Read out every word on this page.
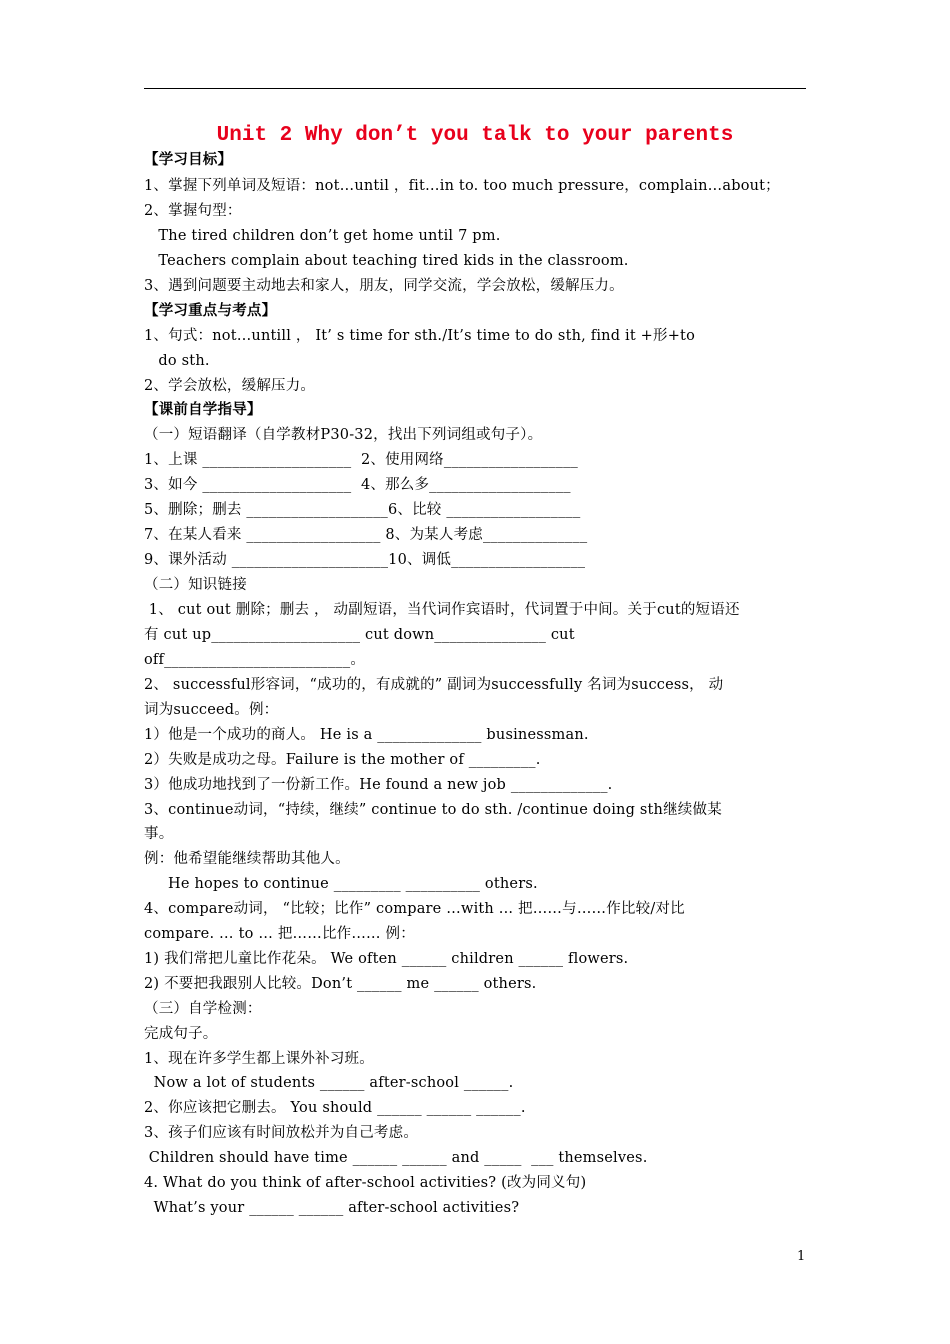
Unit 2 Why don’t you talk to your parents
【学习目标】
1、掌握下列单词及短语：not…until ，fit…in to. too much pressure，complain…about；
2、掌握句型：
The tired children don’t get home until 7 pm.
Teachers complain about teaching tired kids in the classroom.
3、遇到问题要主动地去和家人，朋友，同学交流，学会放松，缓解压力。
【学习重点与考点】
1、句式：not…untill ， It’ s time for sth./It’s time to do sth, find it +形+to
do sth.
2、学会放松，缓解压力。
【课前自学指导】
（一）短语翻译（自学教材P30-32，找出下列词组或句子）。
1、上课 ____________________  2、使用网络__________________
3、如今 ____________________  4、那么多___________________
5、删除；删去 ___________________6、比较 __________________
7、在某人看来 __________________ 8、为某人考虑______________
9、课外活动 _____________________10、调低__________________
（二）知识链接
1、 cut out 删除；删去 ， 动副短语，当代词作宾语时，代词置于中间。关于cut的短语还
有 cut up____________________ cut down_______________ cut
off_________________________。
2、 successful形容词，“成功的，有成就的” 副词为successfully 名词为success， 动
词为succeed。例：
1）他是一个成功的商人。 He is a ______________ businessman.
2）失败是成功之母。Failure is the mother of _________.
3）他成功地找到了一份新工作。He found a new job _____________.
3、continue动词，“持续，继续” continue to do sth. /continue doing sth继续做某
事。
例：他希望能继续帮助其他人。
He hopes to continue _________ __________ others.
4、compare动词， “比较；比作” compare …with ... 把……与……作比较/对比
compare. … to … 把……比作…… 例：
1) 我们常把儿童比作花朵。 We often ______ children ______ flowers.
2) 不要把我跟别人比较。Don’t ______ me ______ others.
（三）自学检测：
完成句子。
1、现在许多学生都上课外补习班。
Now a lot of students ______ after-school ______.
2、你应该把它删去。 You should ______ ______ ______.
3、孩子们应该有时间放松并为自己考虑。
Children should have time ______ ______ and _____  ___ themselves.
4. What do you think of after-school activities? (改为同义句)
What’s your ______ ______ after-school activities?
1
